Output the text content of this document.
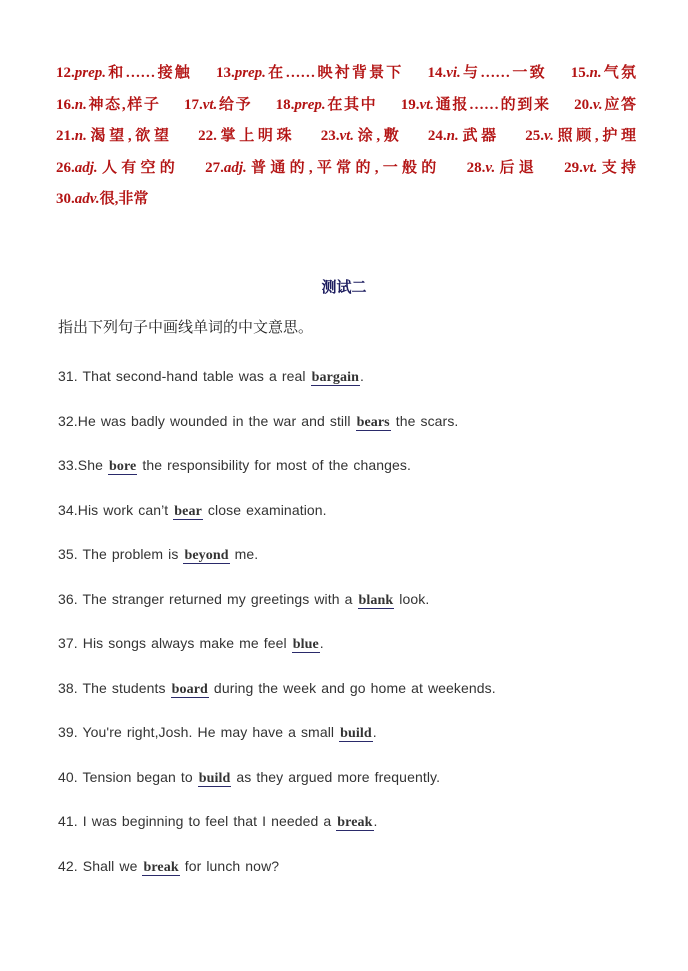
12.prep.和……接触 13.prep.在……映衬背景下 14.vi.与……一致 15.n.气氛 16.n.神态,样子 17.vt.给予 18.prep.在其中 19.vt.通报……的到来 20.v.应答 21.n.渴望,欲望 22.掌上明珠 23.vt.涂,敷 24.n.武器 25.v.照顾,护理 26.adj.人有空的 27.adj.普通的,平常的,一般的 28.v.后退 29.vt.支持 30.adv.很,非常
测试二
指出下列句子中画线单词的中文意思。
31. That second-hand table was a real bargain.
32.He was badly wounded in the war and still bears the scars.
33.She bore the responsibility for most of the changes.
34.His work can’t bear close examination.
35. The problem is beyond me.
36. The stranger returned my greetings with a blank look.
37. His songs always make me feel blue.
38. The students board during the week and go home at weekends.
39. You're right,Josh. He may have a small build.
40. Tension began to build as they argued more frequently.
41. I was beginning to feel that I needed a break.
42. Shall we break for lunch now?
